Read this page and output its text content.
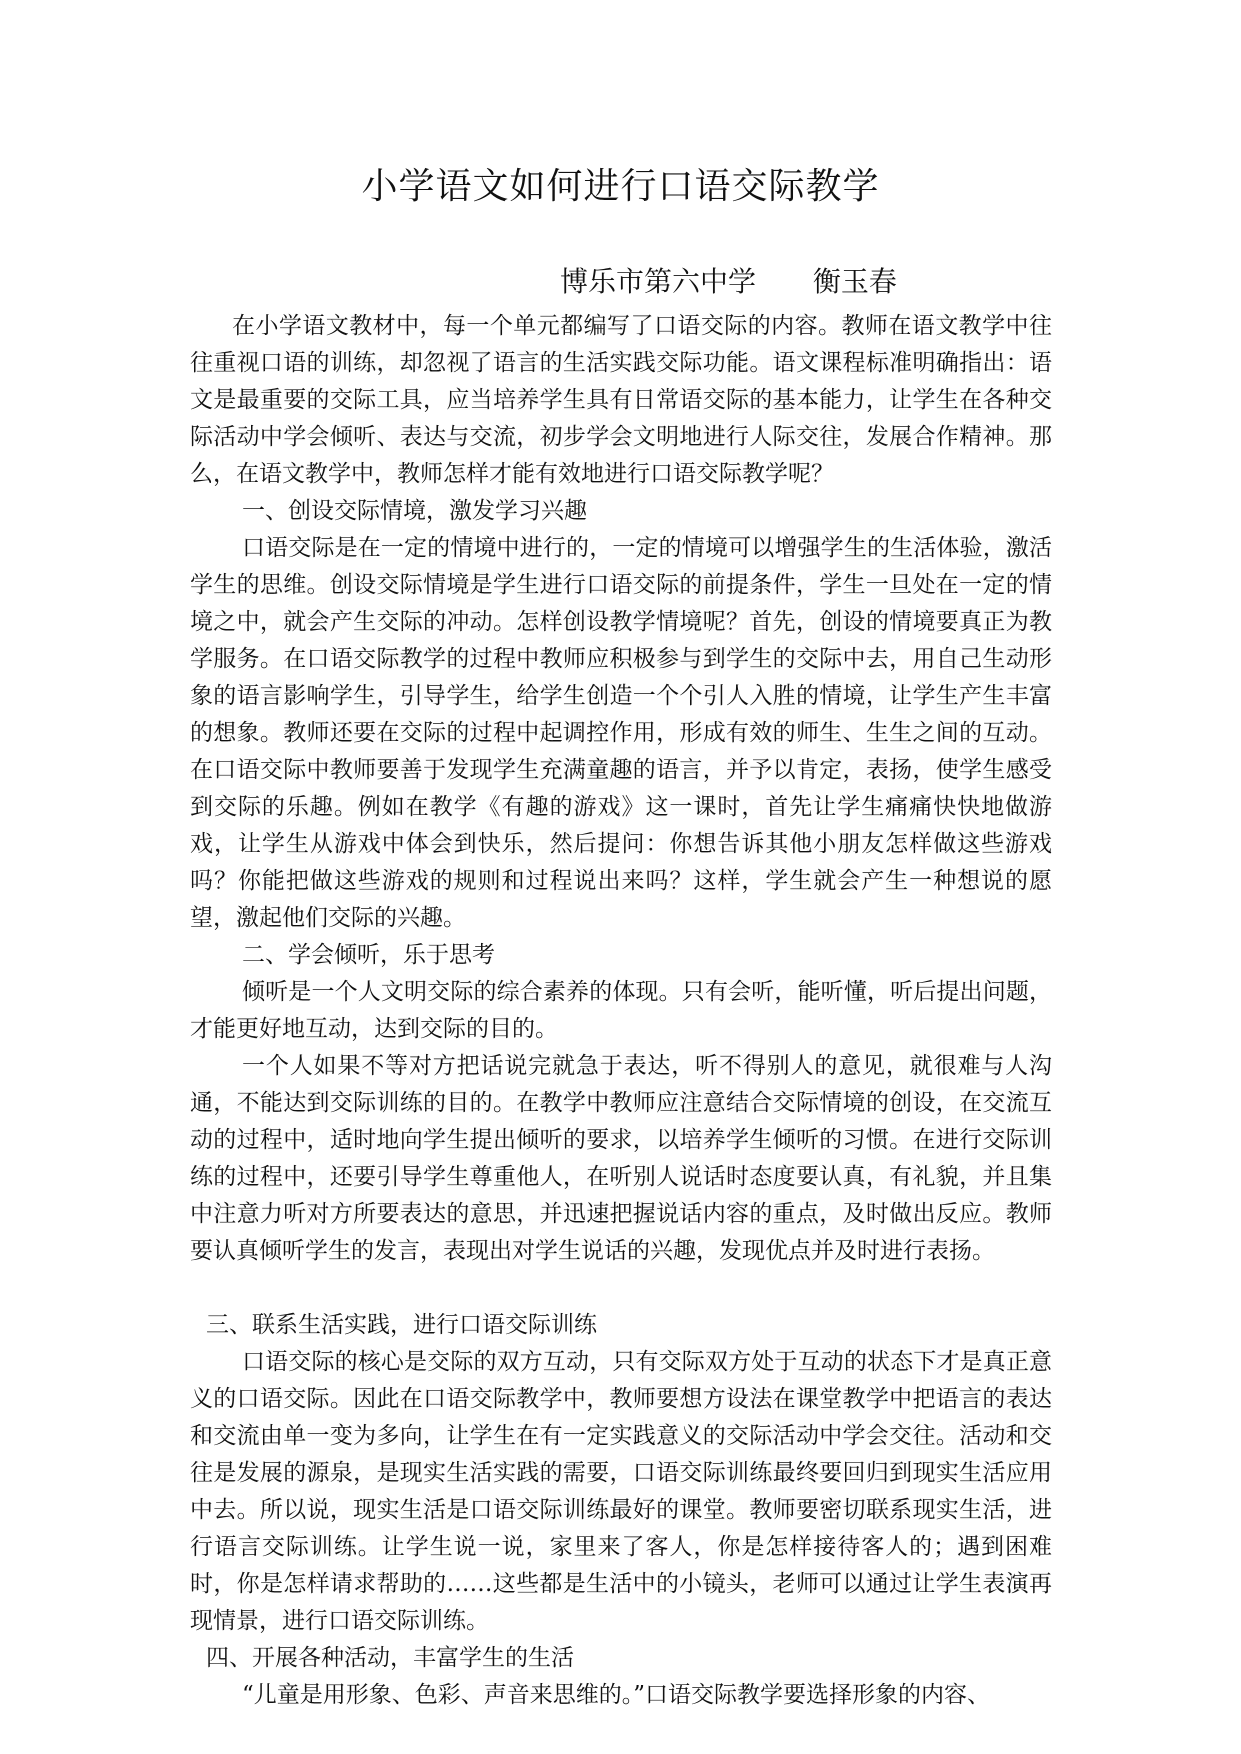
小学语文如何进行口语交际教学
博乐市第六中学 衡玉春

在小学语文教材中，每一个单元都编写了口语交际的内容。教师在语文教学中往往重视口语的训练，却忽视了语言的生活实践交际功能。语文课程标准明确指出：语文是最重要的交际工具，应当培养学生具有日常语交际的基本能力，让学生在各种交际活动中学会倾听、表达与交流，初步学会文明地进行人际交往，发展合作精神。那么，在语文教学中，教师怎样才能有效地进行口语交际教学呢？

一、创设交际情境，激发学习兴趣

口语交际是在一定的情境中进行的，一定的情境可以增强学生的生活体验，激活学生的思维。创设交际情境是学生进行口语交际的前提条件，学生一旦处在一定的情境之中，就会产生交际的冲动。怎样创设教学情境呢？首先，创设的情境要真正为教学服务。在口语交际教学的过程中教师应积极参与到学生的交际中去，用自己生动形象的语言影响学生，引导学生，给学生创造一个个引人入胜的情境，让学生产生丰富的想象。教师还要在交际的过程中起调控作用，形成有效的师生、生生之间的互动。在口语交际中教师要善于发现学生充满童趣的语言，并予以肯定，表扬，使学生感受到交际的乐趣。例如在教学《有趣的游戏》这一课时，首先让学生痛痛快快地做游戏，让学生从游戏中体会到快乐，然后提问：你想告诉其他小朋友怎样做这些游戏吗？你能把做这些游戏的规则和过程说出来吗？这样，学生就会产生一种想说的愿望，激起他们交际的兴趣。

二、学会倾听，乐于思考

倾听是一个人文明交际的综合素养的体现。只有会听，能听懂，听后提出问题，才能更好地互动，达到交际的目的。

一个人如果不等对方把话说完就急于表达，听不得别人的意见，就很难与人沟通，不能达到交际训练的目的。在教学中教师应注意结合交际情境的创设，在交流互动的过程中，适时地向学生提出倾听的要求，以培养学生倾听的习惯。在进行交际训练的过程中，还要引导学生尊重他人，在听别人说话时态度要认真，有礼貌，并且集中注意力听对方所要表达的意思，并迅速把握说话内容的重点，及时做出反应。教师要认真倾听学生的发言，表现出对学生说话的兴趣，发现优点并及时进行表扬。

三、联系生活实践，进行口语交际训练

口语交际的核心是交际的双方互动，只有交际双方处于互动的状态下才是真正意义的口语交际。因此在口语交际教学中，教师要想方设法在课堂教学中把语言的表达和交流由单一变为多向，让学生在有一定实践意义的交际活动中学会交往。活动和交往是发展的源泉，是现实生活实践的需要，口语交际训练最终要回归到现实生活应用中去。所以说，现实生活是口语交际训练最好的课堂。教师要密切联系现实生活，进行语言交际训练。让学生说一说，家里来了客人，你是怎样接待客人的；遇到困难时，你是怎样请求帮助的……这些都是生活中的小镜头，老师可以通过让学生表演再现情景，进行口语交际训练。

四、开展各种活动，丰富学生的生活

“儿童是用形象、色彩、声音来思维的。”口语交际教学要选择形象的内容、
